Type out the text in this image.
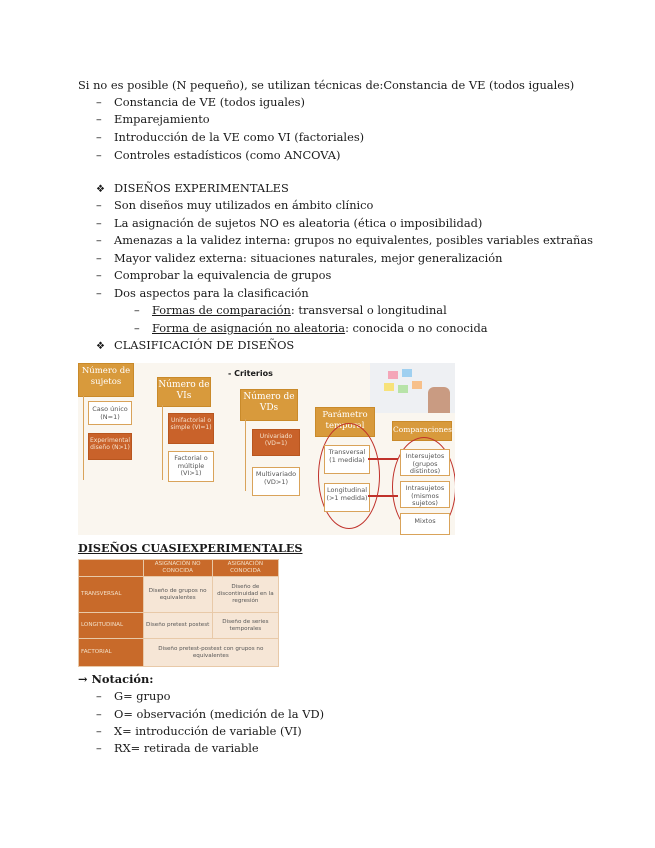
Si no es posible (N pequeño), se utilizan técnicas de:Constancia de VE (todos iguales)
– Constancia de VE (todos iguales)
– Emparejamiento
– Introducción de la VE como VI (factoriales)
– Controles estadísticos (como ANCOVA)
❖ DISEÑOS EXPERIMENTALES
– Son diseños muy utilizados en ámbito clínico
– La asignación de sujetos NO es aleatoria (ética o imposibilidad)
– Amenazas a la validez interna: grupos no equivalentes, posibles variables extrañas
– Mayor validez externa: situaciones naturales, mejor generalización
– Comprobar la equivalencia de grupos
– Dos aspectos para la clasificación
– Formas de comparación: transversal o longitudinal
– Forma de asignación no aleatoria: conocida o no conocida
❖ CLASIFICACIÓN DE DISEÑOS
- Criterios
Número de sujetos
Caso único (N=1)
Experimental diseño (N>1)
Número de VIs
Unifactorial o simple (VI=1)
Factorial o múltiple (VI>1)
Número de VDs
Univariado (VD=1)
Multivariado (VD>1)
Parámetro temporal
Transversal (1 medida)
Longitudinal (>1 medida)
Comparaciones
Intersujetos (grupos distintos)
Intrasujetos (mismos sujetos)
Mixtos
DISEÑOS CUASIEXPERIMENTALES
	ASIGNACIÓN NO CONOCIDA	ASIGNACIÓN CONOCIDA
TRANSVERSAL	Diseño de grupos no equivalentes	Diseño de discontinuidad en la regresión
LONGITUDINAL	Diseño pretest postest	Diseño de series temporales
FACTORIAL	Diseño pretest-postest con grupos no equivalentes	
→ Notación:
– G= grupo
– O= observación (medición de la VD)
– X= introducción de variable (VI)
– RX= retirada de variable
